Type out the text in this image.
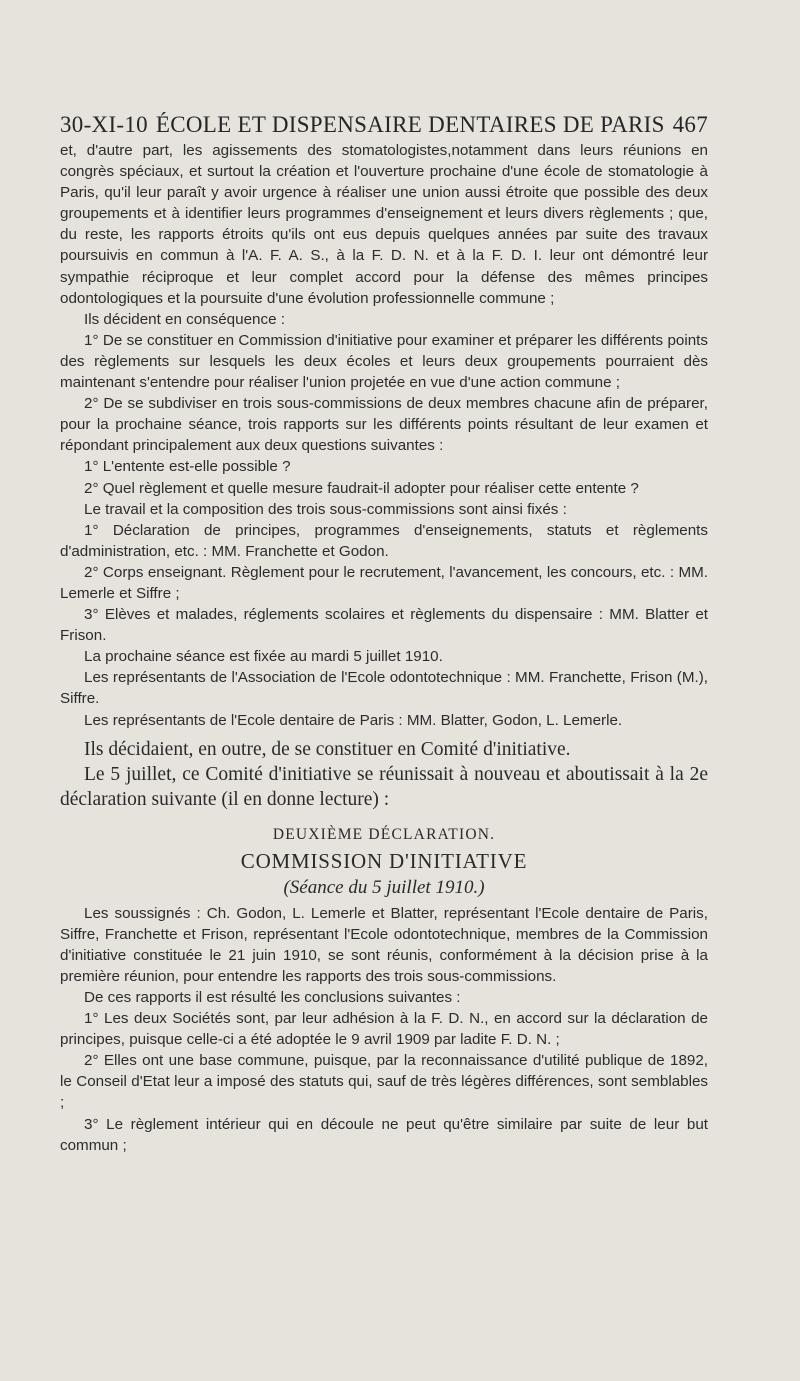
30-XI-10 ÉCOLE ET DISPENSAIRE DENTAIRES DE PARIS 467

et, d'autre part, les agissements des stomatologistes,notamment dans leurs réunions en congrès spéciaux, et surtout la création et l'ouverture prochaine d'une école de stomatologie à Paris, qu'il leur paraît y avoir urgence à réaliser une union aussi étroite que possible des deux groupements et à identifier leurs programmes d'enseignement et leurs divers règlements ; que, du reste, les rapports étroits qu'ils ont eus depuis quelques années par suite des travaux poursuivis en commun à l'A. F. A. S., à la F. D. N. et à la F. D. I. leur ont démontré leur sympathie réciproque et leur complet accord pour la défense des mêmes principes odontologiques et la poursuite d'une évolution professionnelle commune ;

Ils décident en conséquence :

1° De se constituer en Commission d'initiative pour examiner et préparer les différents points des règlements sur lesquels les deux écoles et leurs deux groupements pourraient dès maintenant s'entendre pour réaliser l'union projetée en vue d'une action commune ;

2° De se subdiviser en trois sous-commissions de deux membres chacune afin de préparer, pour la prochaine séance, trois rapports sur les différents points résultant de leur examen et répondant principalement aux deux questions suivantes :

1° L'entente est-elle possible ?

2° Quel règlement et quelle mesure faudrait-il adopter pour réaliser cette entente ?

Le travail et la composition des trois sous-commissions sont ainsi fixés :

1° Déclaration de principes, programmes d'enseignements, statuts et règlements d'administration, etc. : MM. Franchette et Godon.

2° Corps enseignant. Règlement pour le recrutement, l'avancement, les concours, etc. : MM. Lemerle et Siffre ;

3° Elèves et malades, réglements scolaires et règlements du dispensaire : MM. Blatter et Frison.

La prochaine séance est fixée au mardi 5 juillet 1910.

Les représentants de l'Association de l'Ecole odontotechnique : MM. Franchette, Frison (M.), Siffre.

Les représentants de l'Ecole dentaire de Paris : MM. Blatter, Godon, L. Lemerle.

Ils décidaient, en outre, de se constituer en Comité d'initiative.

Le 5 juillet, ce Comité d'initiative se réunissait à nouveau et aboutissait à la 2e déclaration suivante (il en donne lecture) :

DEUXIÈME DÉCLARATION.
COMMISSION D'INITIATIVE
(Séance du 5 juillet 1910.)

Les soussignés : Ch. Godon, L. Lemerle et Blatter, représentant l'Ecole dentaire de Paris, Siffre, Franchette et Frison, représentant l'Ecole odontotechnique, membres de la Commission d'initiative constituée le 21 juin 1910, se sont réunis, conformément à la décision prise à la première réunion, pour entendre les rapports des trois sous-commissions.

De ces rapports il est résulté les conclusions suivantes :

1° Les deux Sociétés sont, par leur adhésion à la F. D. N., en accord sur la déclaration de principes, puisque celle-ci a été adoptée le 9 avril 1909 par ladite F. D. N. ;

2° Elles ont une base commune, puisque, par la reconnaissance d'utilité publique de 1892, le Conseil d'Etat leur a imposé des statuts qui, sauf de très légères différences, sont semblables ;

3° Le règlement intérieur qui en découle ne peut qu'être similaire par suite de leur but commun ;
